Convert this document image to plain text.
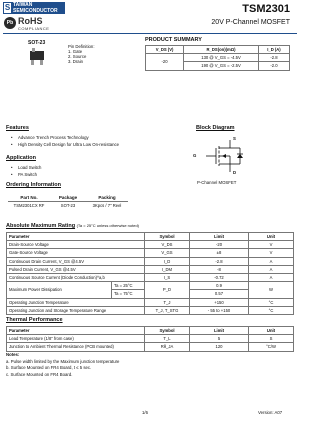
TAIWAN
SEMICONDUCTOR
S
Pb RoHS
COMPLIANCE
TSM2301
20V P-Channel MOSFET
SOT-23
Pin Definition:
1. Gate
2. Source
3. Drain
PRODUCT SUMMARY
V_DS (V)	R_DS(on)(mΩ)	I_D (A)
-20	130 @ V_GS = -4.5V	-2.8
	190 @ V_GS = -2.5V	-2.0
Features
• Advance Trench Process Technology
• High Density Cell Design for Ultra Low On-resistance
Application
• Load Switch
• PA Switch
Block Diagram
G
S
D
P-Channel MOSFET
Ordering Information
Part No.	Package	Packing
TSM2301CX RF	SOT-23	3Kpcs / 7" Reel
Absolute Maximum Rating (Ta = 25°C unless otherwise noted)
Parameter		Symbol	Limit	Unit
Drain-Source Voltage		V_DS	-20	V
Gate-Source Voltage		V_GS	±8	V
Continuous Drain Current, V_GS @4.5V		I_D	-2.8	A
Pulsed Drain Current, V_GS @4.5V		I_DM	-8	A
Continuous Source Current (Diode Conduction)^a,b		I_S	-0.72	A
Maximum Power Dissipation	Ta = 25°C	P_D	0.9	W
	Ta = 75°C		0.57	
Operating Junction Temperature		T_J	+150	°C
Operating Junction and Storage Temperature Range		T_J, T_STG	- 55 to +150	°C
Thermal Performance
Parameter	Symbol	Limit	Unit
Lead Temperature (1/8" from case)	T_L	5	S
Junction to Ambient Thermal Resistance (PCB mounted)	Rθ_JA	120	°C/W
Notes:
a. Pulse width limited by the Maximum junction temperature
b. Surface Mounted on FR4 Board, t ≤ 5 sec.
c. Surface Mounted on FR4 Board.
1/6	Version: A07
